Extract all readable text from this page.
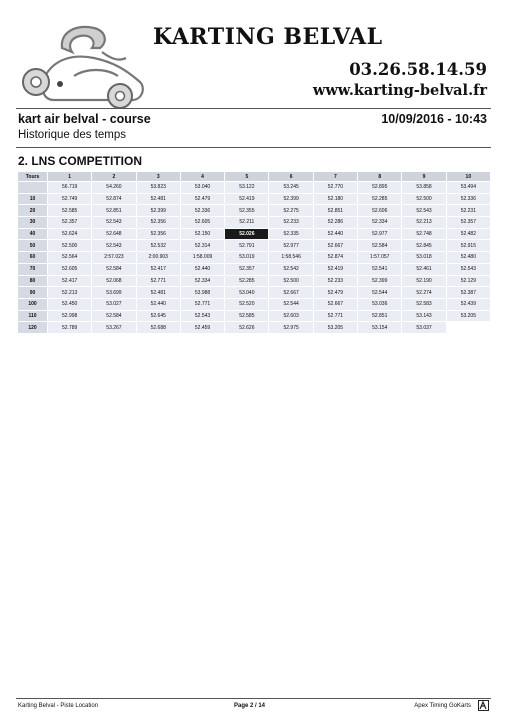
KARTING BELVAL
03.26.58.14.59
www.karting-belval.fr
kart air belval - course	10/09/2016 - 10:43
Historique des temps
2. LNS COMPETITION
Tours	1	2	3	4	5	6	7	8	9	10
	56.719	54.260	53.823	53.040	53.122	53.245	52.770	52.895	53.858	53.494
10	52.749	52.874	52.481	52.479	52.419	52.399	52.180	52.285	52.500	52.336
20	52.585	52.851	52.399	52.336	52.355	52.275	52.851	52.606	52.543	52.231
30	52.357	52.543	52.356	52.605	52.211	52.233	52.286	52.334	52.213	52.357
40	52.624	52.648	52.356	52.150	52.026	52.335	52.440	52.977	52.748	52.482
50	52.500	52.543	52.532	52.314	52.791	52.977	52.667	52.584	52.845	52.915
60	52.564	2:57.023	2:00.903	1:58.009	53.019	1:58.546	52.874	1:57.057	53.018	52.480
70	52.605	52.584	52.417	52.440	52.357	52.542	52.419	52.541	52.461	52.543
80	52.417	52.068	52.771	52.334	52.285	52.500	52.233	52.399	52.190	52.129
90	52.213	53.699	52.481	53.988	53.040	52.667	52.479	52.544	52.274	52.387
100	52.450	53.027	52.440	52.771	52.520	52.544	52.667	53.036	52.583	52.439
110	52.998	52.584	52.645	52.543	52.585	52.603	52.771	52.851	53.143	53.205
120	52.789	53.267	52.688	52.459	52.626	52.975	53.205	53.154	53.037	
Karting Belval - Piste Location	Page 2 / 14	Apex Timing GoKarts
